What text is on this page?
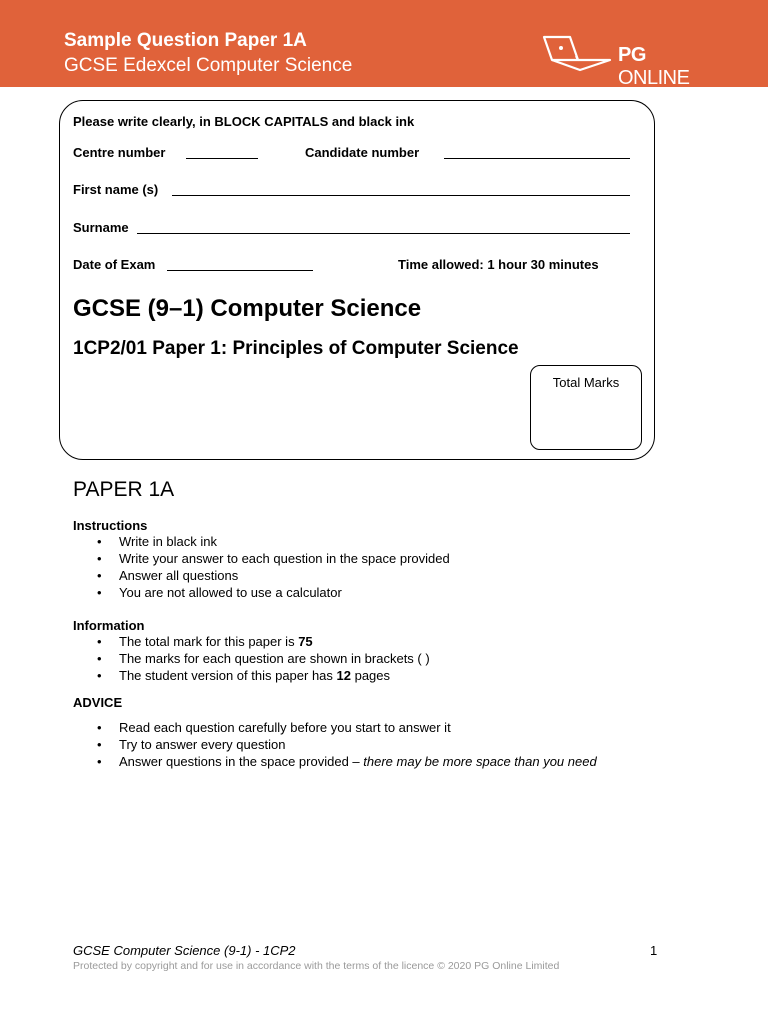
Sample Question Paper 1A
GCSE Edexcel Computer Science	PG ONLINE
Please write clearly, in BLOCK CAPITALS and black ink
Centre number	Candidate number
First name (s)
Surname
Date of Exam	Time allowed: 1 hour 30 minutes
GCSE (9–1) Computer Science
1CP2/01 Paper 1: Principles of Computer Science
Total Marks
PAPER 1A
Instructions
• Write in black ink
• Write your answer to each question in the space provided
• Answer all questions
• You are not allowed to use a calculator
Information
• The total mark for this paper is 75
• The marks for each question are shown in brackets ( )
• The student version of this paper has 12 pages
ADVICE
• Read each question carefully before you start to answer it
• Try to answer every question
• Answer questions in the space provided – there may be more space than you need
GCSE Computer Science (9-1) - 1CP2	1
Protected by copyright and for use in accordance with the terms of the licence © 2020 PG Online Limited
